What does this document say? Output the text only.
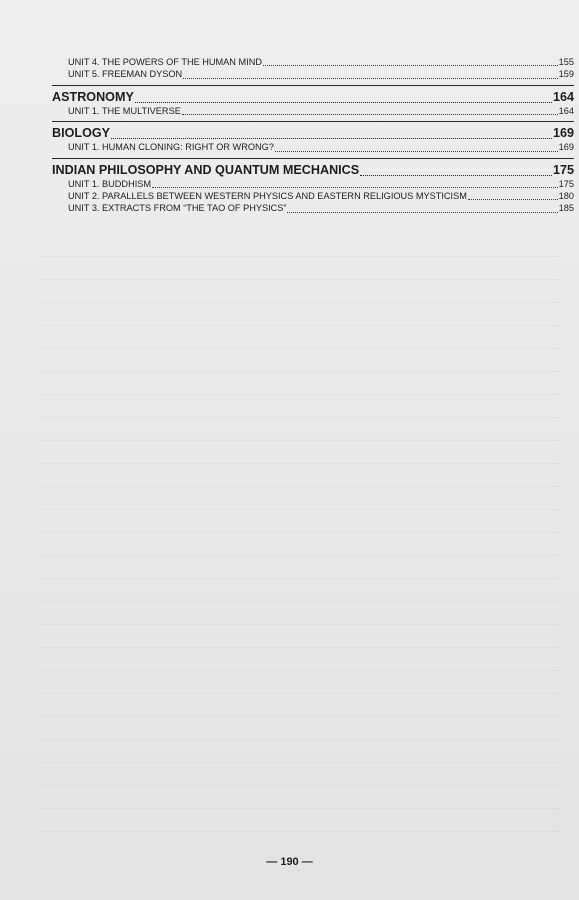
UNIT 4. THE POWERS OF THE HUMAN MIND	155
UNIT 5. FREEMAN DYSON	159
ASTRONOMY	164
UNIT 1. THE MULTIVERSE	164
BIOLOGY	169
UNIT 1. HUMAN CLONING: RIGHT OR WRONG?	169
INDIAN PHILOSOPHY AND QUANTUM MECHANICS	175
UNIT 1. BUDDHISM	175
UNIT 2. PARALLELS BETWEEN WESTERN PHYSICS AND EASTERN RELIGIOUS MYSTICISM	180
UNIT 3. EXTRACTS FROM “THE TAO OF PHYSICS”	185
— 190 —
